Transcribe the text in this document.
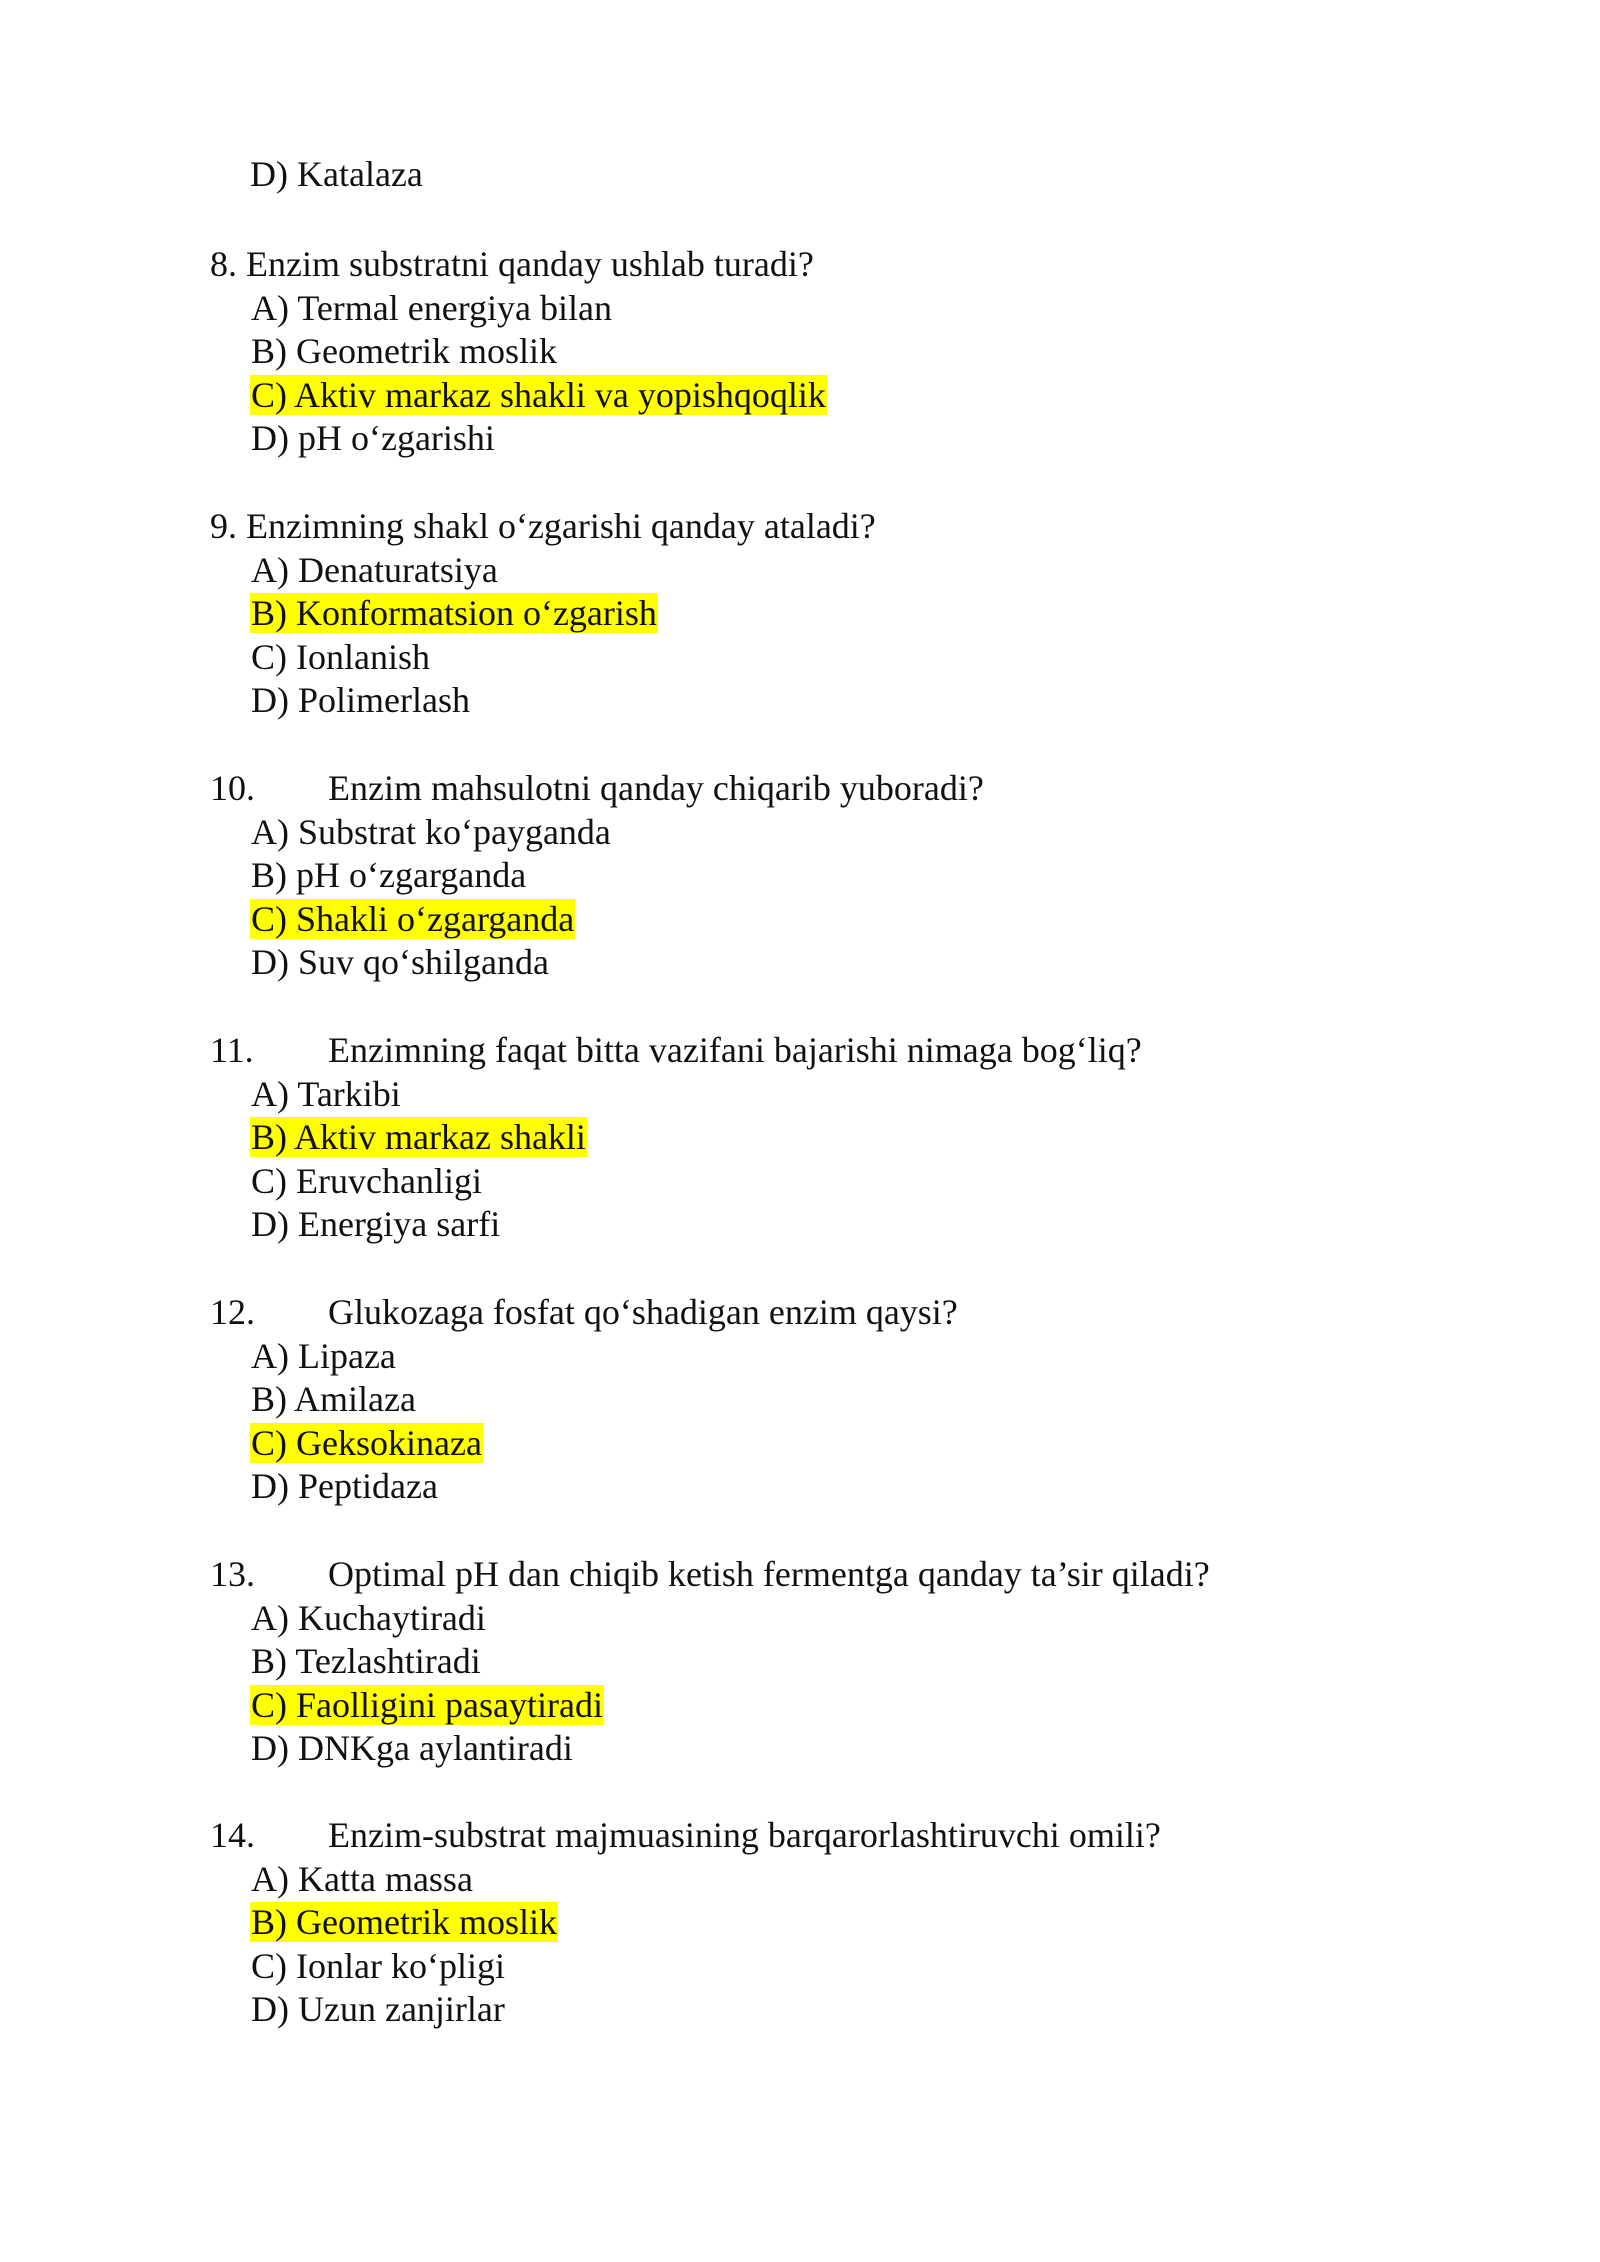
D) Katalaza
8. Enzim substratni qanday ushlab turadi?
A) Termal energiya bilan
B) Geometrik moslik
C) Aktiv markaz shakli va yopishqoqlik
D) pH o‘zgarishi
9. Enzimning shakl o‘zgarishi qanday ataladi?
A) Denaturatsiya
B) Konformatsion o‘zgarish
C) Ionlanish
D) Polimerlash
10. Enzim mahsulotni qanday chiqarib yuboradi?
A) Substrat ko‘payganda
B) pH o‘zgarganda
C) Shakli o‘zgarganda
D) Suv qo‘shilganda
11. Enzimning faqat bitta vazifani bajarishi nimaga bog‘liq?
A) Tarkibi
B) Aktiv markaz shakli
C) Eruvchanligi
D) Energiya sarfi
12. Glukozaga fosfat qo‘shadigan enzim qaysi?
A) Lipaza
B) Amilaza
C) Geksokinaza
D) Peptidaza
13. Optimal pH dan chiqib ketish fermentga qanday ta’sir qiladi?
A) Kuchaytiradi
B) Tezlashtiradi
C) Faolligini pasaytiradi
D) DNKga aylantiradi
14. Enzim-substrat majmuasining barqarorlashtiruvchi omili?
A) Katta massa
B) Geometrik moslik
C) Ionlar ko‘pligi
D) Uzun zanjirlar
